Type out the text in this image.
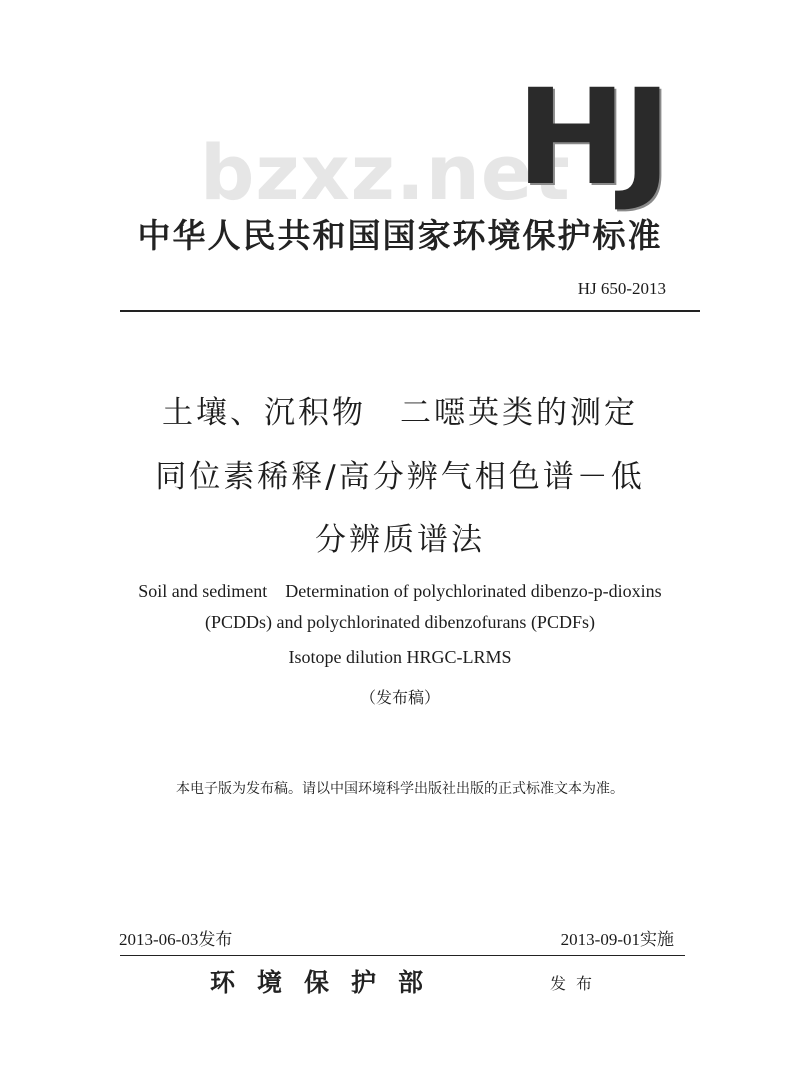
bzxz.net
HJ
中华人民共和国国家环境保护标准
HJ 650-2013
土壤、沉积物　二噁英类的测定
同位素稀释/高分辨气相色谱－低
分辨质谱法
Soil and sediment　Determination of polychlorinated dibenzo-p-dioxins
(PCDDs) and polychlorinated dibenzofurans (PCDFs)
Isotope dilution HRGC-LRMS
（发布稿）
本电子版为发布稿。请以中国环境科学出版社出版的正式标准文本为准。
2013-06-03发布	2013-09-01实施
环境保护部	发布
